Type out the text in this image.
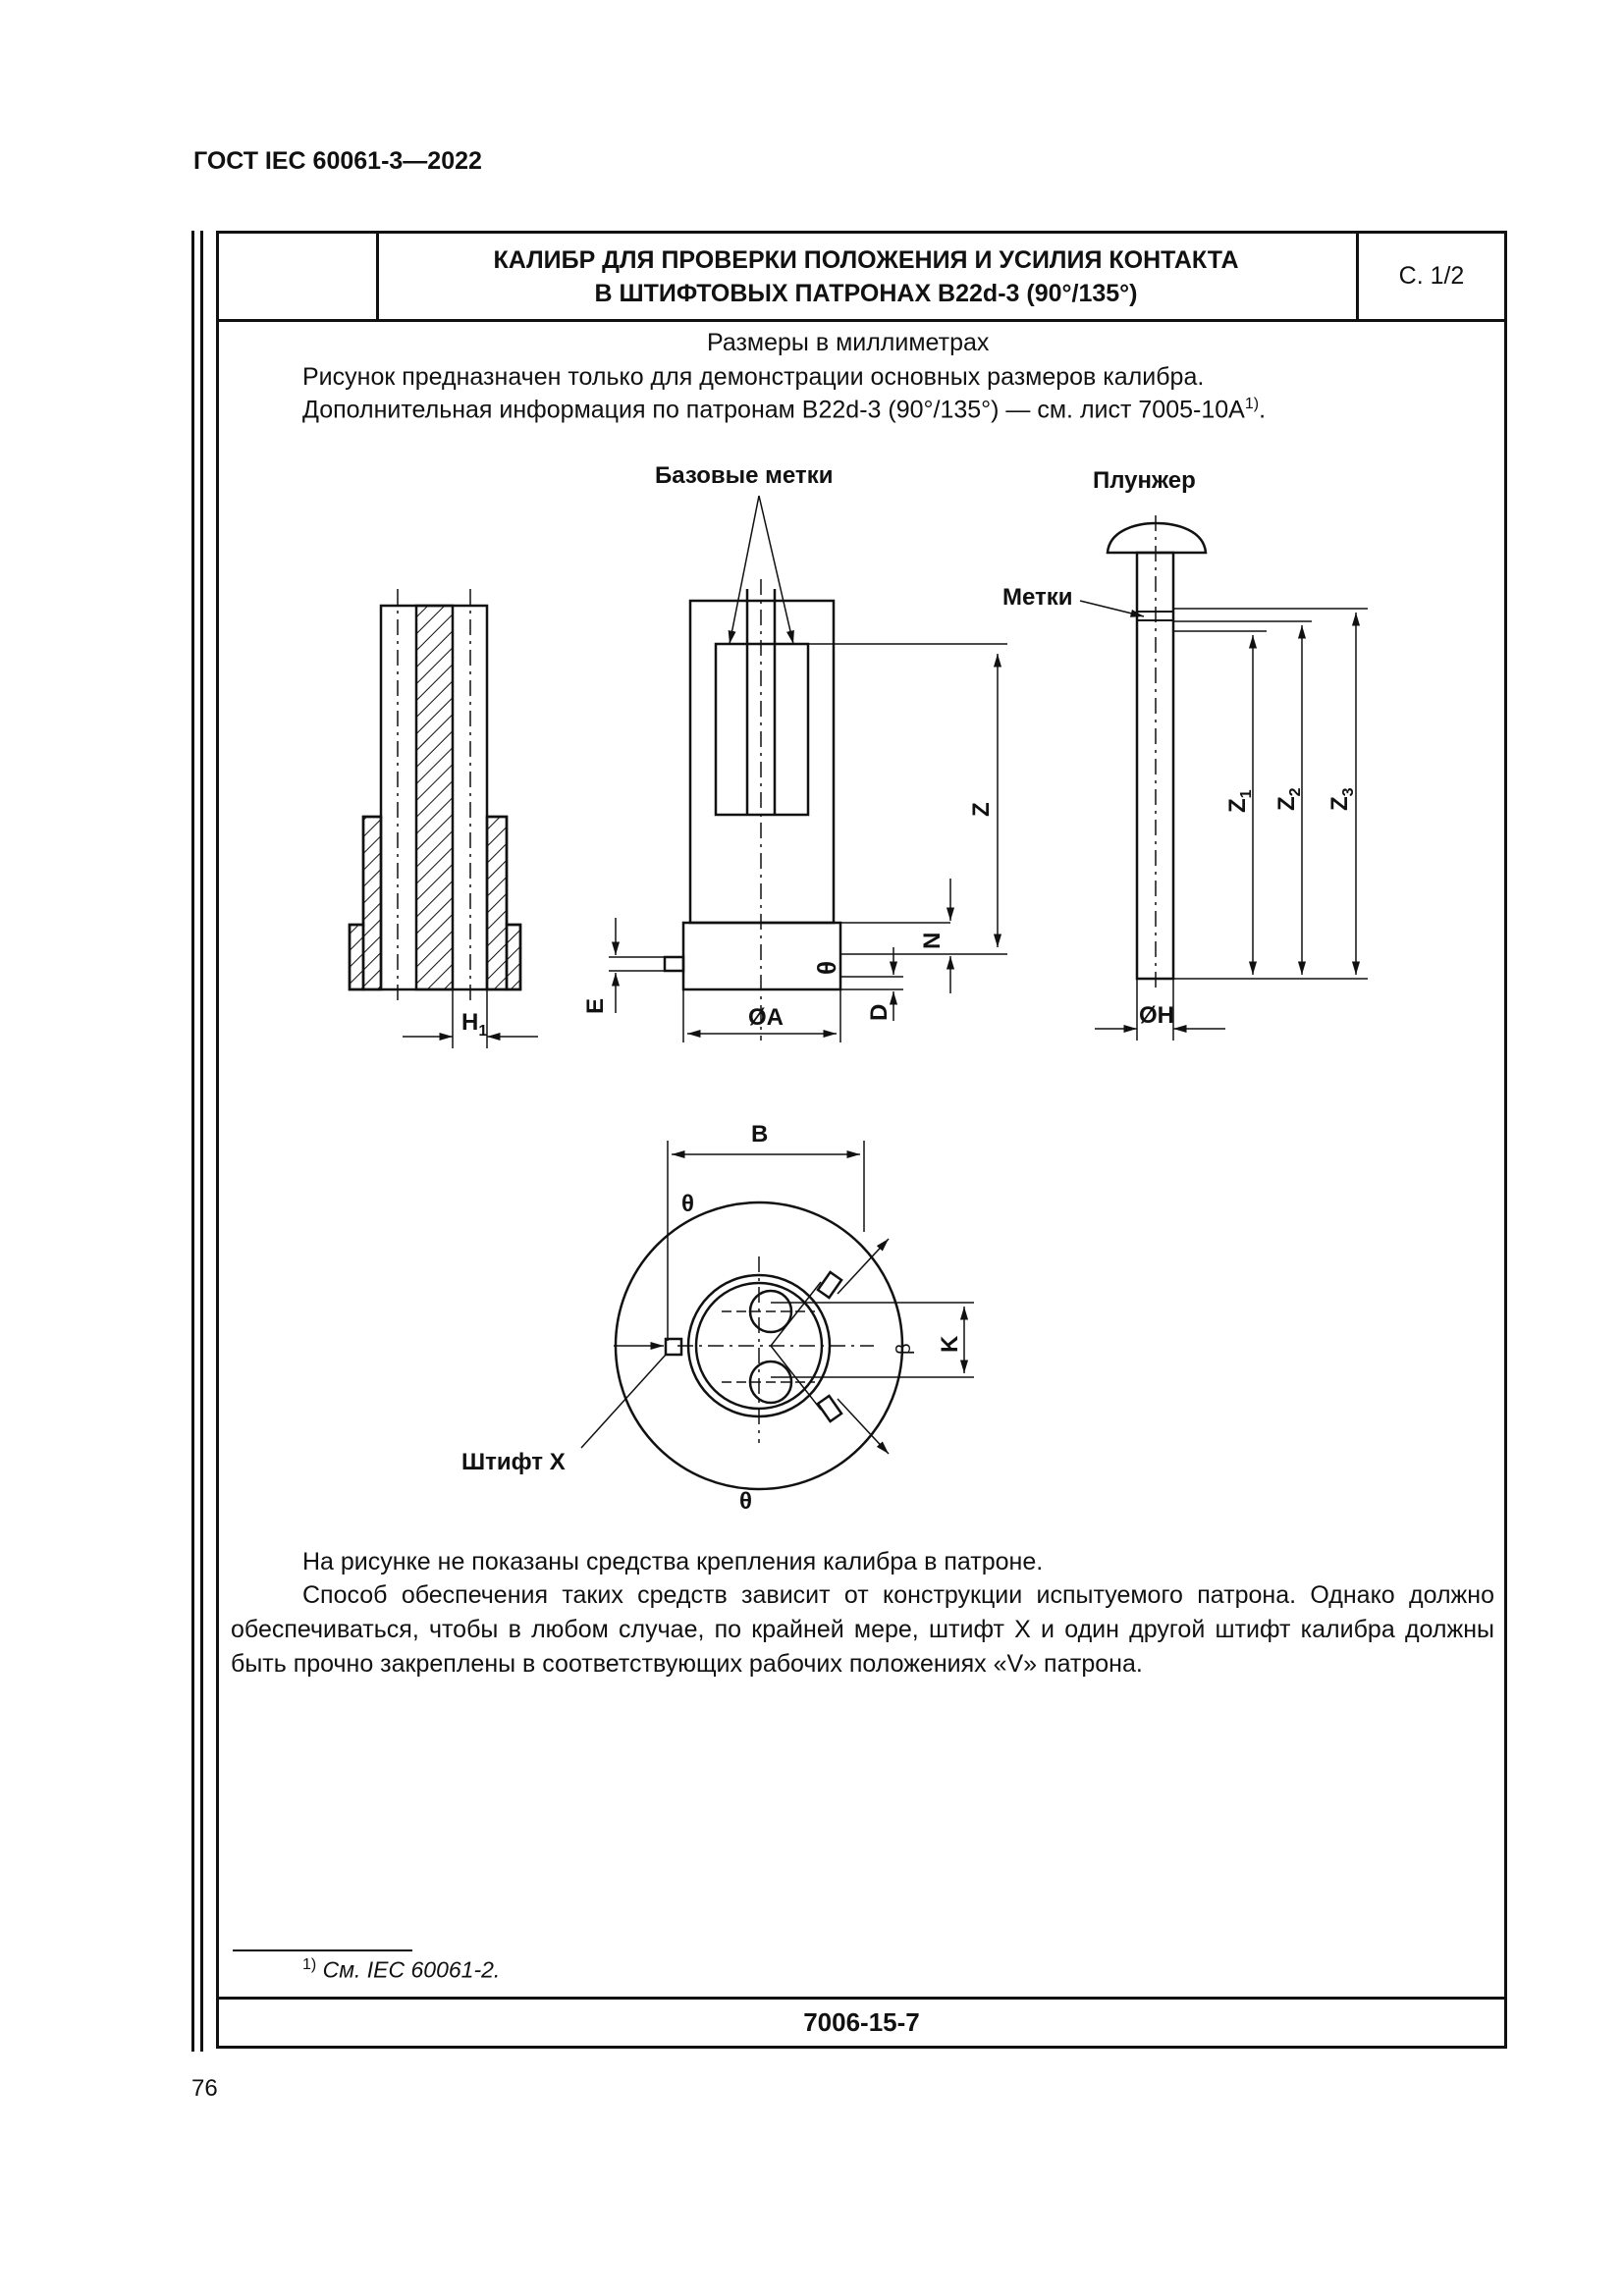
ГОСТ IEC 60061-3—2022
КАЛИБР ДЛЯ ПРОВЕРКИ ПОЛОЖЕНИЯ И УСИЛИЯ КОНТАКТА
В ШТИФТОВЫХ ПАТРОНАХ B22d-3 (90°/135°)
С. 1/2
7006-15-7
Размеры в миллиметрах
Рисунок предназначен только для демонстрации основных размеров калибра.
Дополнительная информация по патронам B22d-3 (90°/135°) — см. лист $7005-10A^{1)}$.
Базовые метки	Плунжер
Метки
$H_1$
ØA	ØH
B
θ
θ
Штифт X
E	D
θ
N
Z	$Z_1$
$Z_2$
$Z_3$
β K
На рисунке не показаны средства крепления калибра в патроне.
Способ обеспечения таких средств зависит от конструкции испытуемого патрона. Однако должно обеспечиваться, чтобы в любом случае, по крайней мере, штифт X и один другой штифт калибра должны быть прочно закреплены в соответствующих рабочих положениях «V» патрона.
$^{1)}$ См. IEC 60061-2.
76
